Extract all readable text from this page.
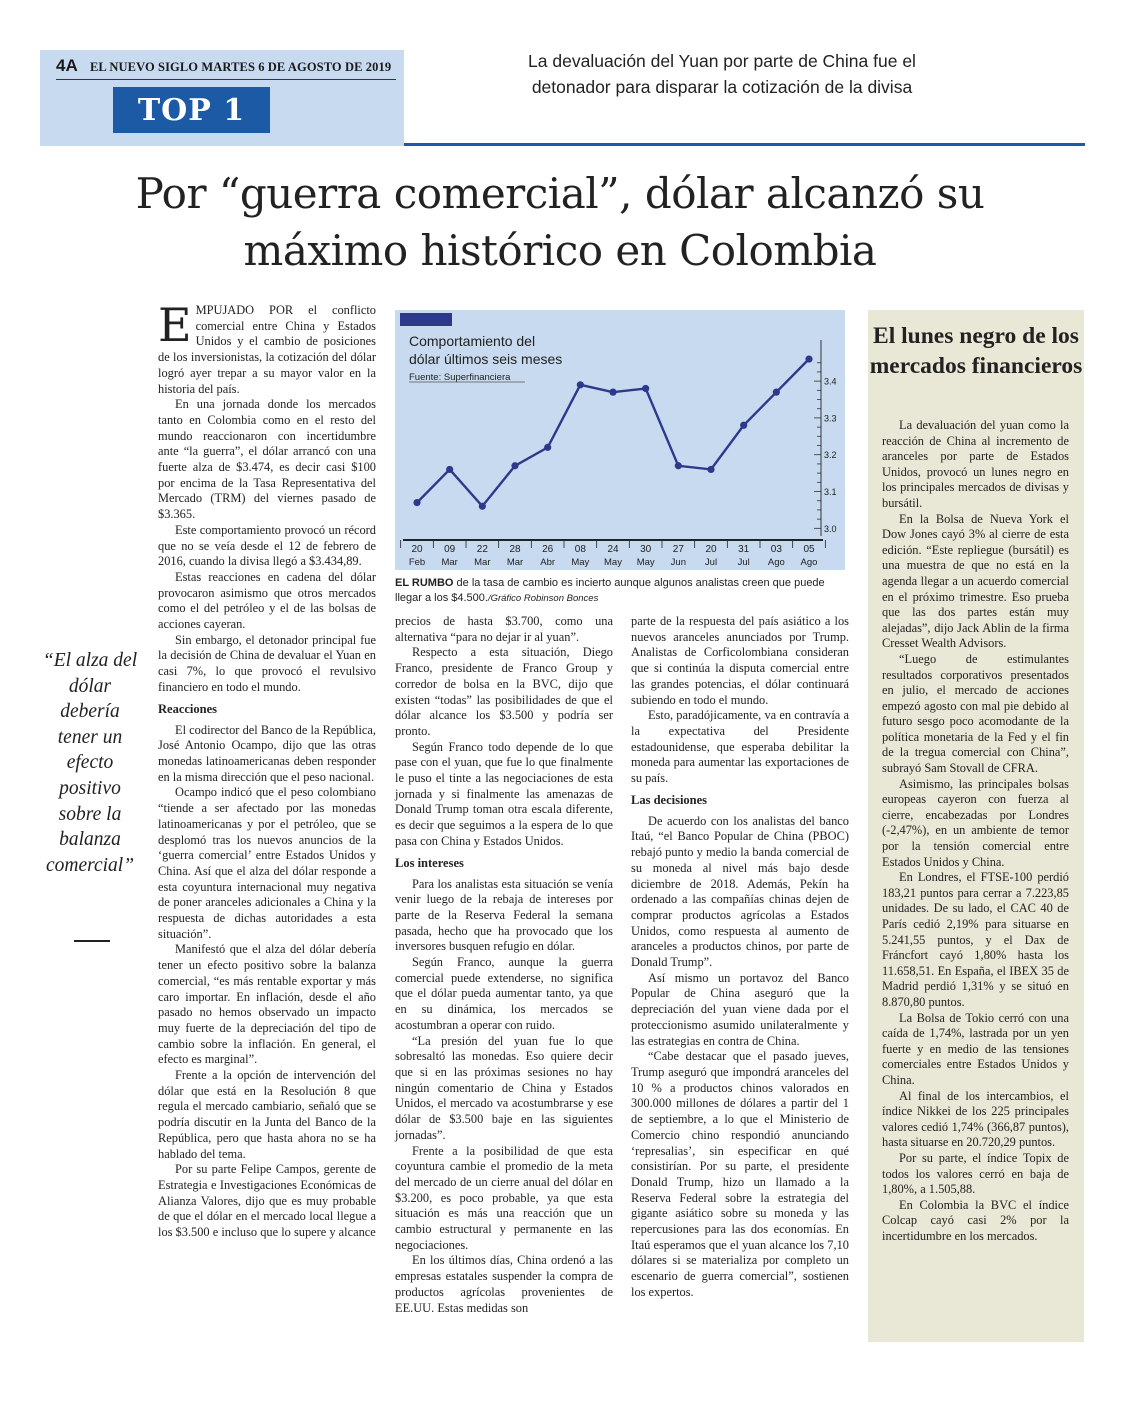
4A EL NUEVO SIGLO MARTES 6 DE AGOSTO DE 2019
TOP 1
La devaluación del Yuan por parte de China fue el detonador para disparar la cotización de la divisa
Por “guerra comercial”, dólar alcanzó su máximo histórico en Colombia
“El alza del dólar debería tener un efecto positivo sobre la balanza comercial”

EMPUJADO POR el conflicto comercial entre China y Estados Unidos y el cambio de posiciones de los inversionistas, la cotización del dólar logró ayer trepar a su mayor valor en la historia del país.

En una jornada donde los mercados tanto en Colombia como en el resto del mundo reaccionaron con incertidumbre ante “la guerra”, el dólar arrancó con una fuerte alza de $3.474, es decir casi $100 por encima de la Tasa Representativa del Mercado (TRM) del viernes pasado de $3.365.

Este comportamiento provocó un récord que no se veía desde el 12 de febrero de 2016, cuando la divisa llegó a $3.434,89.

Estas reacciones en cadena del dólar provocaron asimismo que otros mercados como el del petróleo y el de las bolsas de acciones cayeran.

Sin embargo, el detonador principal fue la decisión de China de devaluar el Yuan en casi 7%, lo que provocó el revulsivo financiero en todo el mundo.

Reacciones

El codirector del Banco de la República, José Antonio Ocampo, dijo que las otras monedas latinoamericanas deben responder en la misma dirección que el peso nacional.

Ocampo indicó que el peso colombiano “tiende a ser afectado por las monedas latinoamericanas y por el petróleo, que se desplomó tras los nuevos anuncios de la ‘guerra comercial’ entre Estados Unidos y China. Así que el alza del dólar responde a esta coyuntura internacional muy negativa de poner aranceles adicionales a China y la respuesta de dichas autoridades a esta situación”.

Manifestó que el alza del dólar debería tener un efecto positivo sobre la balanza comercial, “es más rentable exportar y más caro importar. En inflación, desde el año pasado no hemos observado un impacto muy fuerte de la depreciación del tipo de cambio sobre la inflación. En general, el efecto es marginal”.

Frente a la opción de intervención del dólar que está en la Resolución 8 que regula el mercado cambiario, señaló que se podría discutir en la Junta del Banco de la República, pero que hasta ahora no se ha hablado del tema.

Por su parte Felipe Campos, gerente de Estrategia e Investigaciones Económicas de Alianza Valores, dijo que es muy probable de que el dólar en el mercado local llegue a los $3.500 e incluso que lo supere y alcance

Comportamiento del
dólar últimos seis meses
Fuente: Superfinanciera
3.0
3.1
3.2
3.3
3.4
20
Feb
09
Mar
22
Mar
28
Mar
26
Abr
08
May
24
May
30
May
27
Jun
20
Jul
31
Jul
03
Ago
05
Ago
EL RUMBO de la tasa de cambio es incierto aunque algunos analistas creen que puede llegar a los $4.500./Gráfico Robinson Bonces

precios de hasta $3.700, como una alternativa “para no dejar ir al yuan”.

Respecto a esta situación, Diego Franco, presidente de Franco Group y corredor de bolsa en la BVC, dijo que existen “todas” las posibilidades de que el dólar alcance los $3.500 y podría ser pronto.

Según Franco todo depende de lo que pase con el yuan, que fue lo que finalmente le puso el tinte a las negociaciones de esta jornada y si finalmente las amenazas de Donald Trump toman otra escala diferente, es decir que seguimos a la espera de lo que pasa con China y Estados Unidos.

Los intereses

Para los analistas esta situación se venía venir luego de la rebaja de intereses por parte de la Reserva Federal la semana pasada, hecho que ha provocado que los inversores busquen refugio en dólar.

Según Franco, aunque la guerra comercial puede extenderse, no significa que el dólar pueda aumentar tanto, ya que en su dinámica, los mercados se acostumbran a operar con ruido.

“La presión del yuan fue lo que sobresaltó las monedas. Eso quiere decir que si en las próximas sesiones no hay ningún comentario de China y Estados Unidos, el mercado va acostumbrarse y ese dólar de $3.500 baje en las siguientes jornadas”.

Frente a la posibilidad de que esta coyuntura cambie el promedio de la meta del mercado de un cierre anual del dólar en $3.200, es poco probable, ya que esta situación es más una reacción que un cambio estructural y permanente en las negociaciones.

En los últimos días, China ordenó a las empresas estatales suspender la compra de productos agrícolas provenientes de EE.UU. Estas medidas son

parte de la respuesta del país asiático a los nuevos aranceles anunciados por Trump. Analistas de Corficolombiana consideran que si continúa la disputa comercial entre las grandes potencias, el dólar continuará subiendo en todo el mundo.

Esto, paradójicamente, va en contravía a la expectativa del Presidente estadounidense, que esperaba debilitar la moneda para aumentar las exportaciones de su país.

Las decisiones

De acuerdo con los analistas del banco Itaú, “el Banco Popular de China (PBOC) rebajó punto y medio la banda comercial de su moneda al nivel más bajo desde diciembre de 2018. Además, Pekín ha ordenado a las compañías chinas dejen de comprar productos agrícolas a Estados Unidos, como respuesta al aumento de aranceles a productos chinos, por parte de Donald Trump”.

Así mismo un portavoz del Banco Popular de China aseguró que la depreciación del yuan viene dada por el proteccionismo asumido unilateralmente y las estrategias en contra de China.

“Cabe destacar que el pasado jueves, Trump aseguró que impondrá aranceles del 10 % a productos chinos valorados en 300.000 millones de dólares a partir del 1 de septiembre, a lo que el Ministerio de Comercio chino respondió anunciando ‘represalias’, sin especificar en qué consistirían. Por su parte, el presidente Donald Trump, hizo un llamado a la Reserva Federal sobre la estrategia del gigante asiático sobre su moneda y las repercusiones para las dos economías. En Itaú esperamos que el yuan alcance los 7,10 dólares si se materializa por completo un escenario de guerra comercial”, sostienen los expertos.

El lunes negro de los mercados financieros

La devaluación del yuan como la reacción de China al incremento de aranceles por parte de Estados Unidos, provocó un lunes negro en los principales mercados de divisas y bursátil.

En la Bolsa de Nueva York el Dow Jones cayó 3% al cierre de esta edición. “Este repliegue (bursátil) es una muestra de que no está en la agenda llegar a un acuerdo comercial en el próximo trimestre. Eso prueba que las dos partes están muy alejadas”, dijo Jack Ablin de la firma Cresset Wealth Advisors.

“Luego de estimulantes resultados corporativos presentados en julio, el mercado de acciones empezó agosto con mal pie debido al futuro sesgo poco acomodante de la política monetaria de la Fed y el fin de la tregua comercial con China”, subrayó Sam Stovall de CFRA.

Asimismo, las principales bolsas europeas cayeron con fuerza al cierre, encabezadas por Londres (-2,47%), en un ambiente de temor por la tensión comercial entre Estados Unidos y China.

En Londres, el FTSE-100 perdió 183,21 puntos para cerrar a 7.223,85 unidades. De su lado, el CAC 40 de París cedió 2,19% para situarse en 5.241,55 puntos, y el Dax de Fráncfort cayó 1,80% hasta los 11.658,51. En España, el IBEX 35 de Madrid perdió 1,31% y se situó en 8.870,80 puntos.

La Bolsa de Tokio cerró con una caída de 1,74%, lastrada por un yen fuerte y en medio de las tensiones comerciales entre Estados Unidos y China.

Al final de los intercambios, el índice Nikkei de los 225 principales valores cedió 1,74% (366,87 puntos), hasta situarse en 20.720,29 puntos.

Por su parte, el índice Topix de todos los valores cerró en baja de 1,80%, a 1.505,88.

En Colombia la BVC el índice Colcap cayó casi 2% por la incertidumbre en los mercados.
